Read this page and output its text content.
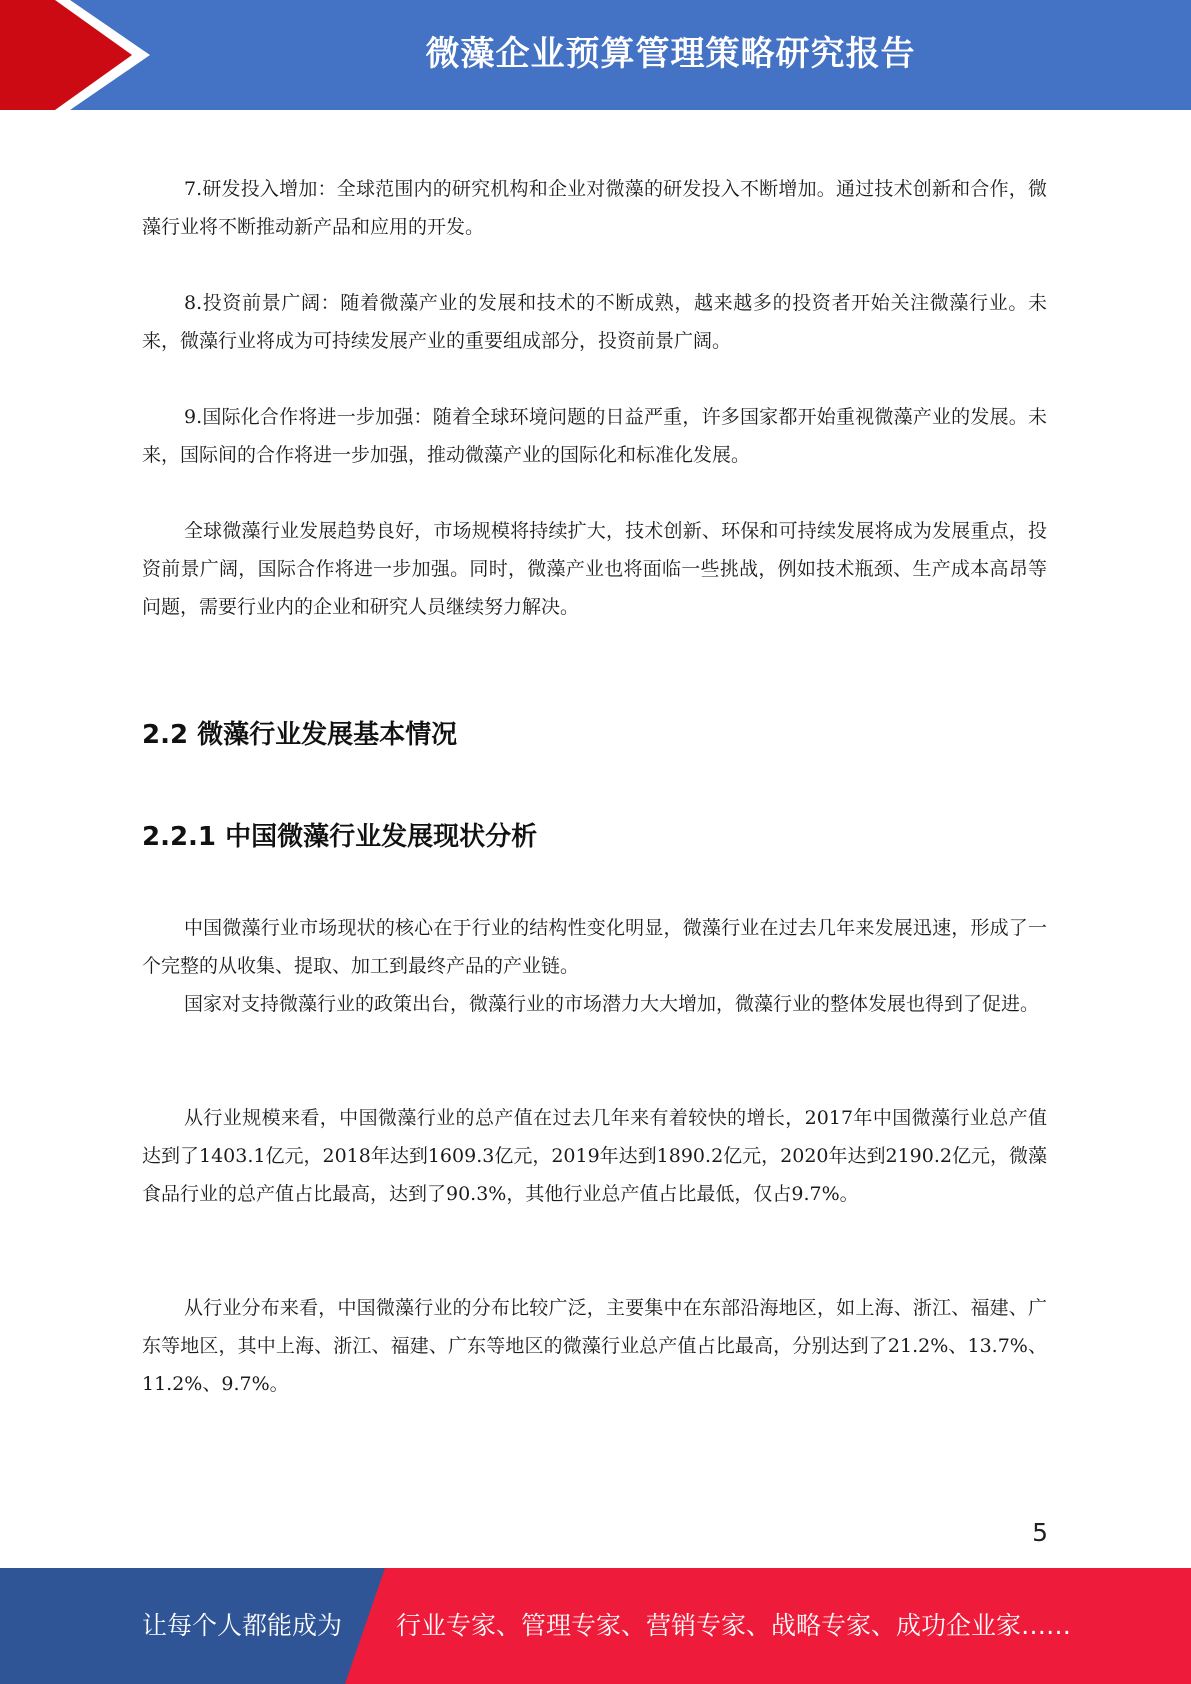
微藻企业预算管理策略研究报告

7.研发投入增加：全球范围内的研究机构和企业对微藻的研发投入不断增加。通过技术创新和合作，微藻行业将不断推动新产品和应用的开发。

8.投资前景广阔：随着微藻产业的发展和技术的不断成熟，越来越多的投资者开始关注微藻行业。未来，微藻行业将成为可持续发展产业的重要组成部分，投资前景广阔。

9.国际化合作将进一步加强：随着全球环境问题的日益严重，许多国家都开始重视微藻产业的发展。未来，国际间的合作将进一步加强，推动微藻产业的国际化和标准化发展。

全球微藻行业发展趋势良好，市场规模将持续扩大，技术创新、环保和可持续发展将成为发展重点，投资前景广阔，国际合作将进一步加强。同时，微藻产业也将面临一些挑战，例如技术瓶颈、生产成本高昂等问题，需要行业内的企业和研究人员继续努力解决。

2.2 微藻行业发展基本情况
2.2.1 中国微藻行业发展现状分析

中国微藻行业市场现状的核心在于行业的结构性变化明显，微藻行业在过去几年来发展迅速，形成了一个完整的从收集、提取、加工到最终产品的产业链。

国家对支持微藻行业的政策出台，微藻行业的市场潜力大大增加，微藻行业的整体发展也得到了促进。

从行业规模来看，中国微藻行业的总产值在过去几年来有着较快的增长，2017年中国微藻行业总产值达到了1403.1亿元，2018年达到1609.3亿元，2019年达到1890.2亿元，2020年达到2190.2亿元，微藻食品行业的总产值占比最高，达到了90.3%，其他行业总产值占比最低，仅占9.7%。

从行业分布来看，中国微藻行业的分布比较广泛，主要集中在东部沿海地区，如上海、浙江、福建、广东等地区，其中上海、浙江、福建、广东等地区的微藻行业总产值占比最高，分别达到了21.2%、13.7%、11.2%、9.7%。

5
让每个人都能成为 行业专家、管理专家、营销专家、战略专家、成功企业家……
